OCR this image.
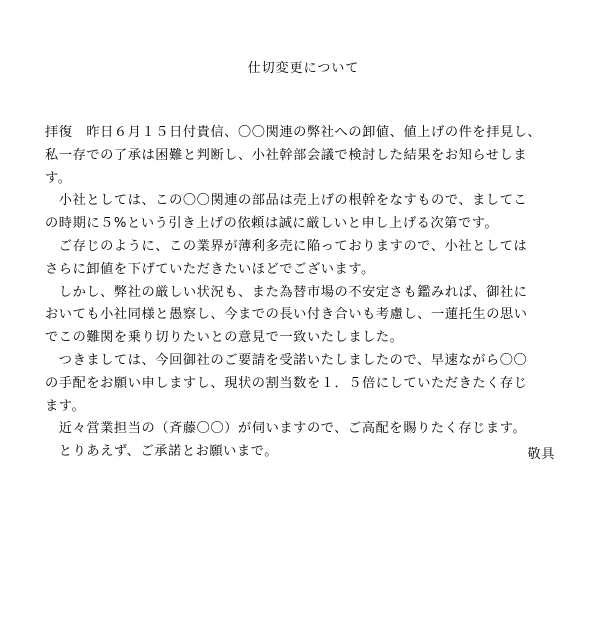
仕切変更について
拝復　昨日６月１５日付貴信、〇〇関連の弊社への卸値、値上げの件を拝見し、
私一存での了承は困難と判断し、小社幹部会議で検討した結果をお知らせしま
す。
　小社としては、この〇〇関連の部品は売上げの根幹をなすもので、ましてこ
の時期に５%という引き上げの依頼は誠に厳しいと申し上げる次第です。
　ご存じのように、この業界が薄利多売に陥っておりますので、小社としては
さらに卸値を下げていただきたいほどでございます。
　しかし、弊社の厳しい状況も、また為替市場の不安定さも鑑みれば、御社に
おいても小社同様と愚察し、今までの長い付き合いも考慮し、一蓮托生の思い
でこの難関を乗り切りたいとの意見で一致いたしました。
　つきましては、今回御社のご要請を受諾いたしましたので、早速ながら〇〇
の手配をお願い申しますし、現状の割当数を１．５倍にしていただきたく存じ
ます。
　近々営業担当の（斉藤〇〇）が伺いますので、ご高配を賜りたく存じます。
　とりあえず、ご承諾とお願いまで。	敬具
